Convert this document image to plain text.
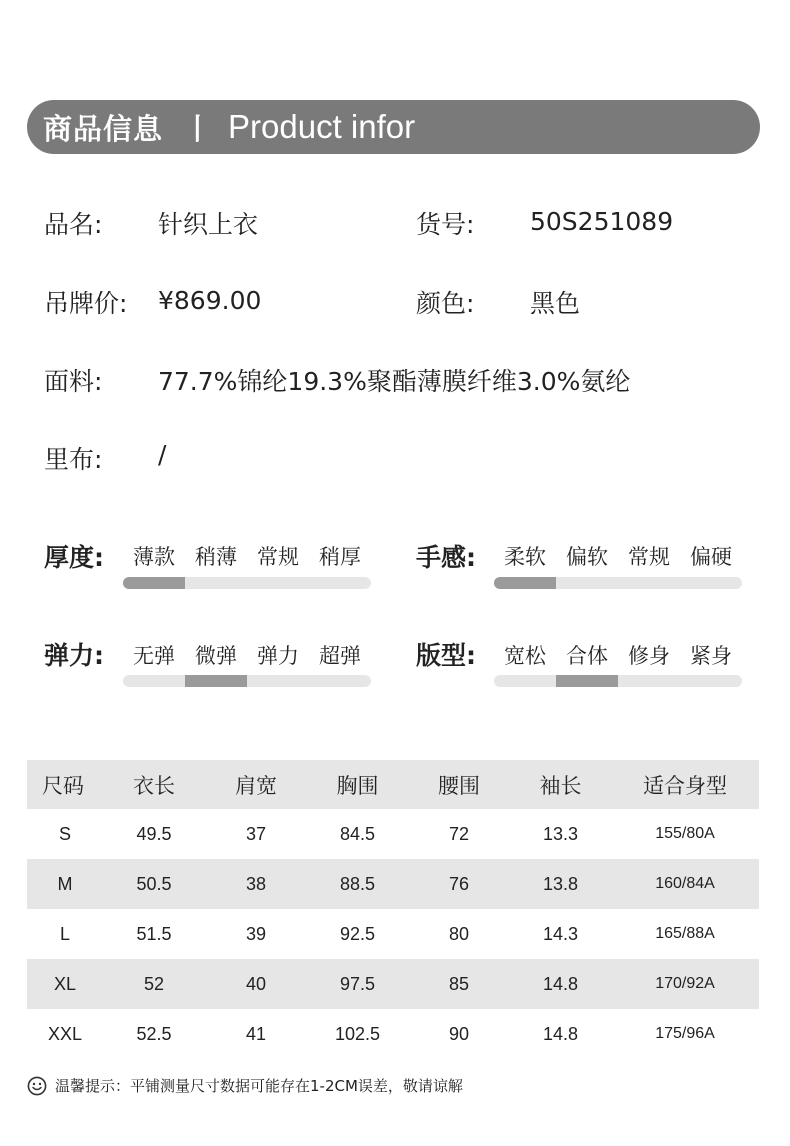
商品信息 丨 Product infor
品名: 针织上衣	货号: 50S251089
吊牌价: ¥869.00	颜色: 黑色
面料: 77.7%锦纶19.3%聚酯薄膜纤维3.0%氨纶
里布: /
厚度:	薄款 稍薄 常规 稍厚	手感:	柔软 偏软 常规 偏硬
弹力:	无弹 微弹 弹力 超弹	版型:	宽松 合体 修身 紧身
尺码	衣长	肩宽	胸围	腰围	袖长	适合身型
S	49.5	37	84.5	72	13.3	155/80A
M	50.5	38	88.5	76	13.8	160/84A
L	51.5	39	92.5	80	14.3	165/88A
XL	52	40	97.5	85	14.8	170/92A
XXL	52.5	41	102.5	90	14.8	175/96A
温馨提示：平铺测量尺寸数据可能存在1-2CM误差，敬请谅解
